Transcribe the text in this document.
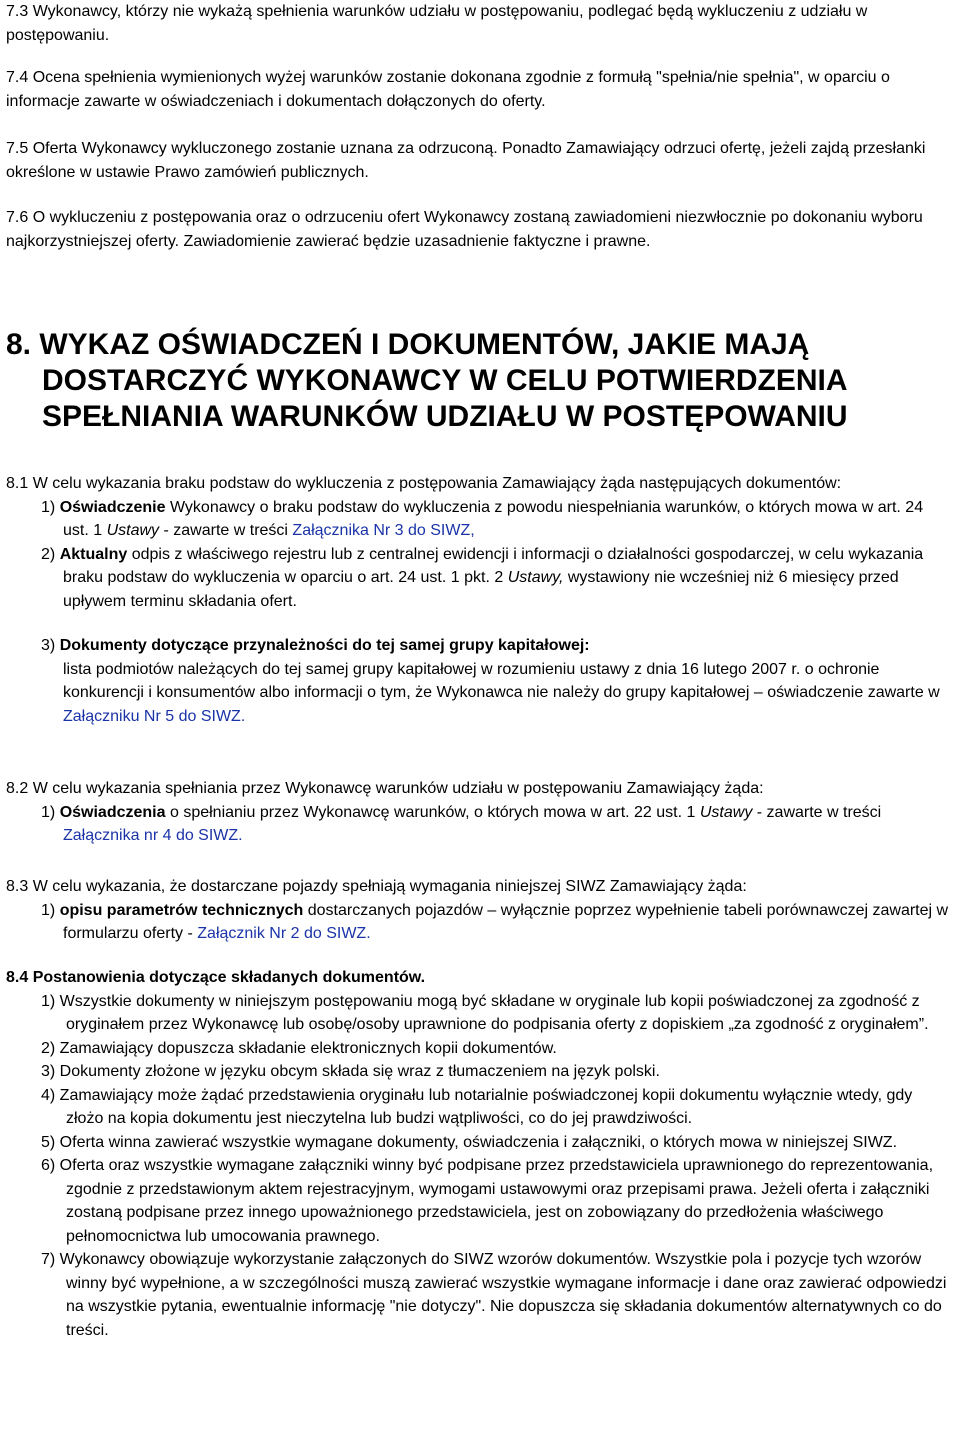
7.3 Wykonawcy, którzy nie wykażą spełnienia warunków udziału w postępowaniu, podlegać będą wykluczeniu z udziału w postępowaniu.

7.4 Ocena spełnienia wymienionych wyżej warunków zostanie dokonana zgodnie z formułą "spełnia/nie spełnia", w oparciu o informacje zawarte w oświadczeniach i dokumentach dołączonych do oferty.

7.5 Oferta Wykonawcy wykluczonego zostanie uznana za odrzuconą. Ponadto Zamawiający odrzuci ofertę, jeżeli zajdą przesłanki określone w ustawie Prawo zamówień publicznych.

7.6 O wykluczeniu z postępowania oraz o odrzuceniu ofert Wykonawcy zostaną zawiadomieni niezwłocznie po dokonaniu wyboru najkorzystniejszej oferty. Zawiadomienie zawierać będzie uzasadnienie faktyczne i prawne.

8. WYKAZ OŚWIADCZEŃ I DOKUMENTÓW, JAKIE MAJĄ
DOSTARCZYĆ WYKONAWCY W CELU POTWIERDZENIA
SPEŁNIANIA WARUNKÓW UDZIAŁU W POSTĘPOWANIU
8.1 W celu wykazania braku podstaw do wykluczenia z postępowania Zamawiający żąda następujących dokumentów:
1) Oświadczenie Wykonawcy o braku podstaw do wykluczenia z powodu niespełniania warunków, o których mowa w art. 24 ust. 1 Ustawy - zawarte w treści Załącznika Nr 3 do SIWZ,
2) Aktualny odpis z właściwego rejestru lub z centralnej ewidencji i informacji o działalności gospodarczej, w celu wykazania braku podstaw do wykluczenia w oparciu o art. 24 ust. 1 pkt. 2 Ustawy, wystawiony nie wcześniej niż 6 miesięcy przed upływem terminu składania ofert.
3) Dokumenty dotyczące przynależności do tej samej grupy kapitałowej:
lista podmiotów należących do tej samej grupy kapitałowej w rozumieniu ustawy z dnia 16 lutego 2007 r. o ochronie konkurencji i konsumentów albo informacji o tym, że Wykonawca nie należy do grupy kapitałowej – oświadczenie zawarte w Załączniku Nr 5 do SIWZ.
8.2 W celu wykazania spełniania przez Wykonawcę warunków udziału w postępowaniu Zamawiający żąda:
1) Oświadczenia o spełnianiu przez Wykonawcę warunków, o których mowa w art. 22 ust. 1 Ustawy - zawarte w treści Załącznika nr 4 do SIWZ.
8.3 W celu wykazania, że dostarczane pojazdy spełniają wymagania niniejszej SIWZ Zamawiający żąda:
1) opisu parametrów technicznych dostarczanych pojazdów – wyłącznie poprzez wypełnienie tabeli porównawczej zawartej w formularzu oferty - Załącznik Nr 2 do SIWZ.
8.4 Postanowienia dotyczące składanych dokumentów.
1) Wszystkie dokumenty w niniejszym postępowaniu mogą być składane w oryginale lub kopii poświadczonej za zgodność z oryginałem przez Wykonawcę lub osobę/osoby uprawnione do podpisania oferty z dopiskiem „za zgodność z oryginałem”.
2) Zamawiający dopuszcza składanie elektronicznych kopii dokumentów.
3) Dokumenty złożone w języku obcym składa się wraz z tłumaczeniem na język polski.
4) Zamawiający może żądać przedstawienia oryginału lub notarialnie poświadczonej kopii dokumentu wyłącznie wtedy, gdy złożo na kopia dokumentu jest nieczytelna lub budzi wątpliwości, co do jej prawdziwości.
5) Oferta winna zawierać wszystkie wymagane dokumenty, oświadczenia i załączniki, o których mowa w niniejszej SIWZ.
6) Oferta oraz wszystkie wymagane załączniki winny być podpisane przez przedstawiciela uprawnionego do reprezentowania, zgodnie z przedstawionym aktem rejestracyjnym, wymogami ustawowymi oraz przepisami prawa. Jeżeli oferta i załączniki zostaną podpisane przez innego upoważnionego przedstawiciela, jest on zobowiązany do przedłożenia właściwego pełnomocnictwa lub umocowania prawnego.
7) Wykonawcy obowiązuje wykorzystanie załączonych do SIWZ wzorów dokumentów. Wszystkie pola i pozycje tych wzorów winny być wypełnione, a w szczególności muszą zawierać wszystkie wymagane informacje i dane oraz zawierać odpowiedzi na wszystkie pytania, ewentualnie informację "nie dotyczy". Nie dopuszcza się składania dokumentów alternatywnych co do treści.
